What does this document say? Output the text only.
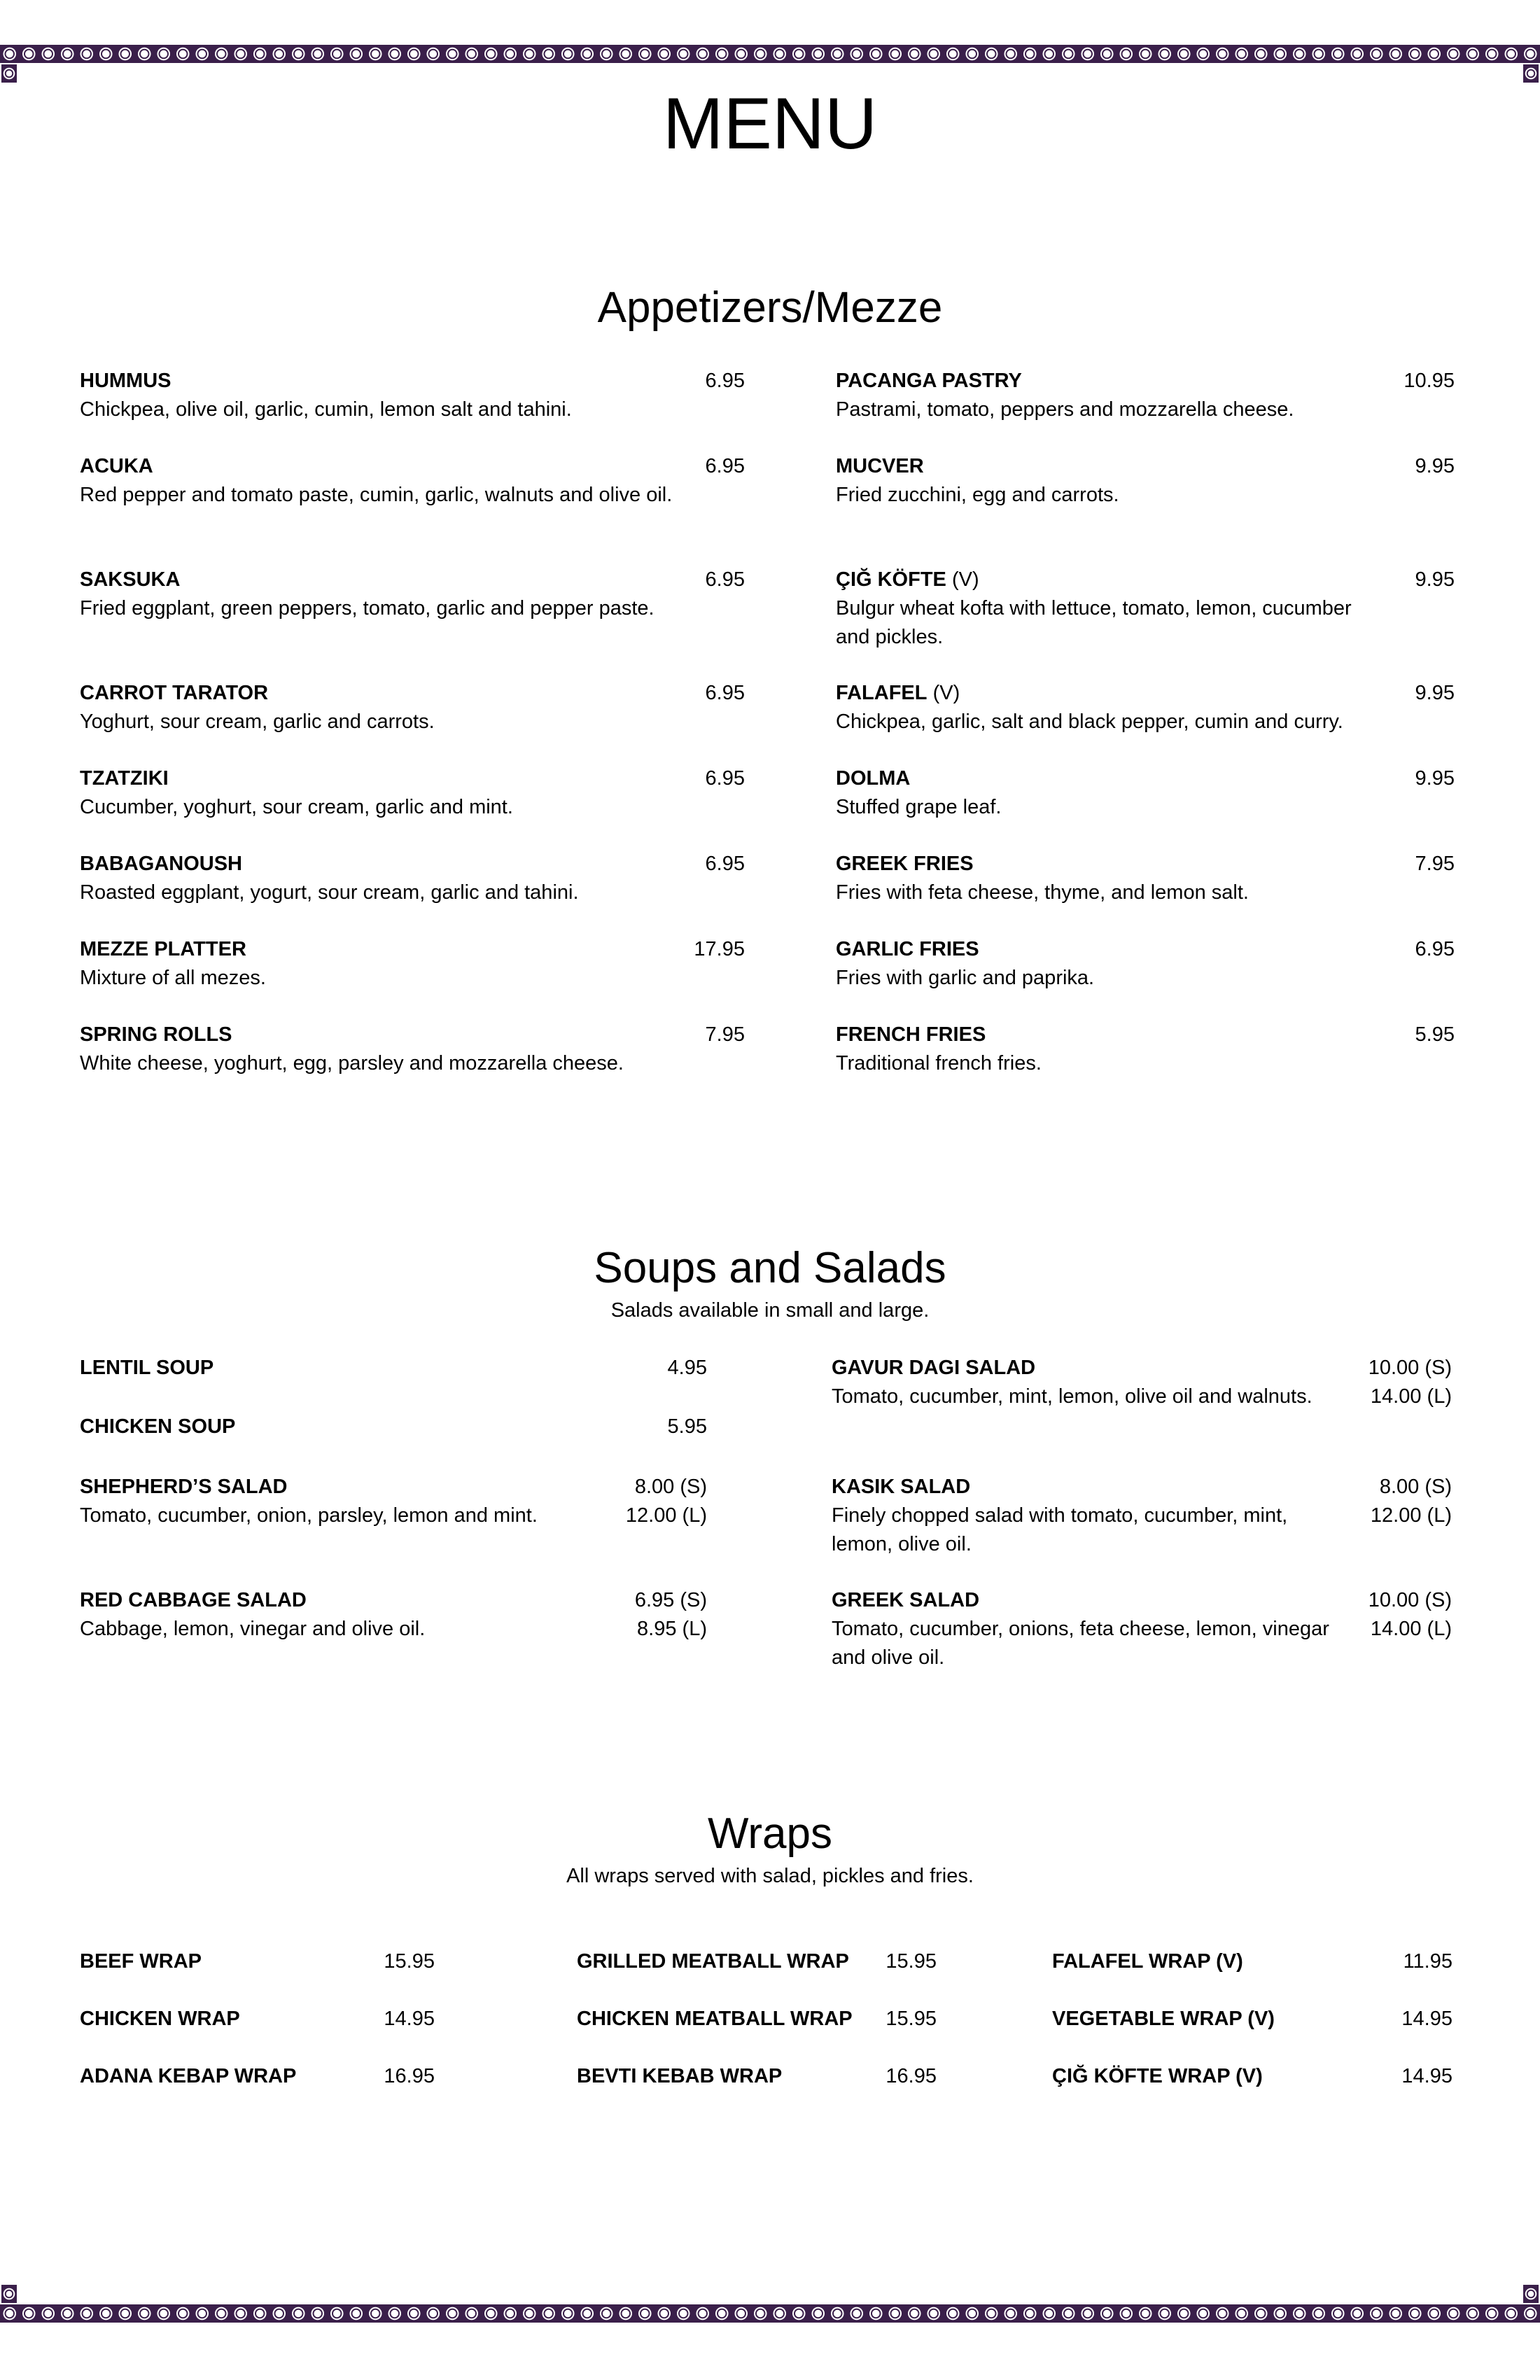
MENU
Appetizers/Mezze
HUMMUS	6.95
Chickpea, olive oil, garlic, cumin, lemon salt and tahini.
ACUKA	6.95
Red pepper and tomato paste, cumin, garlic, walnuts and olive oil.
SAKSUKA	6.95
Fried eggplant, green peppers, tomato, garlic and pepper paste.
CARROT TARATOR	6.95
Yoghurt, sour cream, garlic and carrots.
TZATZIKI	6.95
Cucumber, yoghurt, sour cream, garlic and mint.
BABAGANOUSH	6.95
Roasted eggplant, yogurt, sour cream, garlic and tahini.
MEZZE PLATTER	17.95
Mixture of all mezes.
SPRING ROLLS	7.95
White cheese, yoghurt, egg, parsley and mozzarella cheese.
PACANGA PASTRY	10.95
Pastrami, tomato, peppers and mozzarella cheese.
MUCVER	9.95
Fried zucchini, egg and carrots.
ÇIĞ KÖFTE (V)	9.95
Bulgur wheat kofta with lettuce, tomato, lemon, cucumber and pickles.
FALAFEL (V)	9.95
Chickpea, garlic, salt and black pepper, cumin and curry.
DOLMA	9.95
Stuffed grape leaf.
GREEK FRIES	7.95
Fries with feta cheese, thyme, and lemon salt.
GARLIC FRIES	6.95
Fries with garlic and paprika.
FRENCH FRIES	5.95
Traditional french fries.
Soups and Salads
Salads available in small and large.
LENTIL SOUP	4.95
CHICKEN SOUP	5.95
SHEPHERD’S SALAD	8.00 (S)
12.00 (L)
Tomato, cucumber, onion, parsley, lemon and mint.
RED CABBAGE SALAD	6.95 (S)
8.95 (L)
Cabbage, lemon, vinegar and olive oil.
GAVUR DAGI SALAD	10.00 (S)
14.00 (L)
Tomato, cucumber, mint, lemon, olive oil and walnuts.
KASIK SALAD	8.00 (S)
12.00 (L)
Finely chopped salad with tomato, cucumber, mint, lemon, olive oil.
GREEK SALAD	10.00 (S)
14.00 (L)
Tomato, cucumber, onions, feta cheese, lemon, vinegar and olive oil.
Wraps
All wraps served with salad, pickles and fries.
BEEF WRAP	15.95
CHICKEN WRAP	14.95
ADANA KEBAP WRAP	16.95
GRILLED MEATBALL WRAP 15.95
CHICKEN MEATBALL WRAP 15.95
BEVTI KEBAB WRAP	16.95
FALAFEL WRAP (V)	11.95
VEGETABLE WRAP (V)	14.95
ÇIĞ KÖFTE WRAP (V)	14.95
